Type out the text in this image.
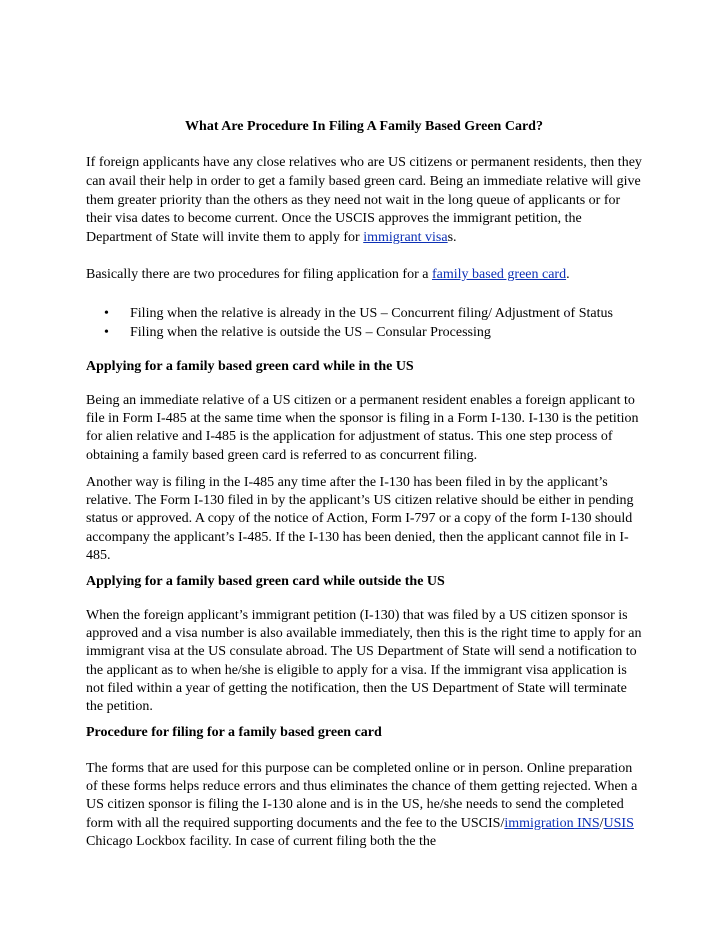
What Are Procedure In Filing A Family Based Green Card?

If foreign applicants have any close relatives who are US citizens or permanent residents, then they can avail their help in order to get a family based green card. Being an immediate relative will give them greater priority than the others as they need not wait in the long queue of applicants or for their visa dates to become current. Once the USCIS approves the immigrant petition, the Department of State will invite them to apply for immigrant visas.

Basically there are two procedures for filing application for a family based green card.

• Filing when the relative is already in the US – Concurrent filing/ Adjustment of Status
• Filing when the relative is outside the US – Consular Processing
Applying for a family based green card while in the US

Being an immediate relative of a US citizen or a permanent resident enables a foreign applicant to file in Form I-485 at the same time when the sponsor is filing in a Form I-130. I-130 is the petition for alien relative and I-485 is the application for adjustment of status. This one step process of obtaining a family based green card is referred to as concurrent filing.

Another way is filing in the I-485 any time after the I-130 has been filed in by the applicant’s relative. The Form I-130 filed in by the applicant’s US citizen relative should be either in pending status or approved. A copy of the notice of Action, Form I-797 or a copy of the form I-130 should accompany the applicant’s I-485. If the I-130 has been denied, then the applicant cannot file in I-485.

Applying for a family based green card while outside the US

When the foreign applicant’s immigrant petition (I-130) that was filed by a US citizen sponsor is approved and a visa number is also available immediately, then this is the right time to apply for an immigrant visa at the US consulate abroad. The US Department of State will send a notification to the applicant as to when he/she is eligible to apply for a visa. If the immigrant visa application is not filed within a year of getting the notification, then the US Department of State will terminate the petition.

Procedure for filing for a family based green card

The forms that are used for this purpose can be completed online or in person. Online preparation of these forms helps reduce errors and thus eliminates the chance of them getting rejected. When a US citizen sponsor is filing the I-130 alone and is in the US, he/she needs to send the completed form with all the required supporting documents and the fee to the USCIS/immigration INS/USIS Chicago Lockbox facility. In case of current filing both the the
